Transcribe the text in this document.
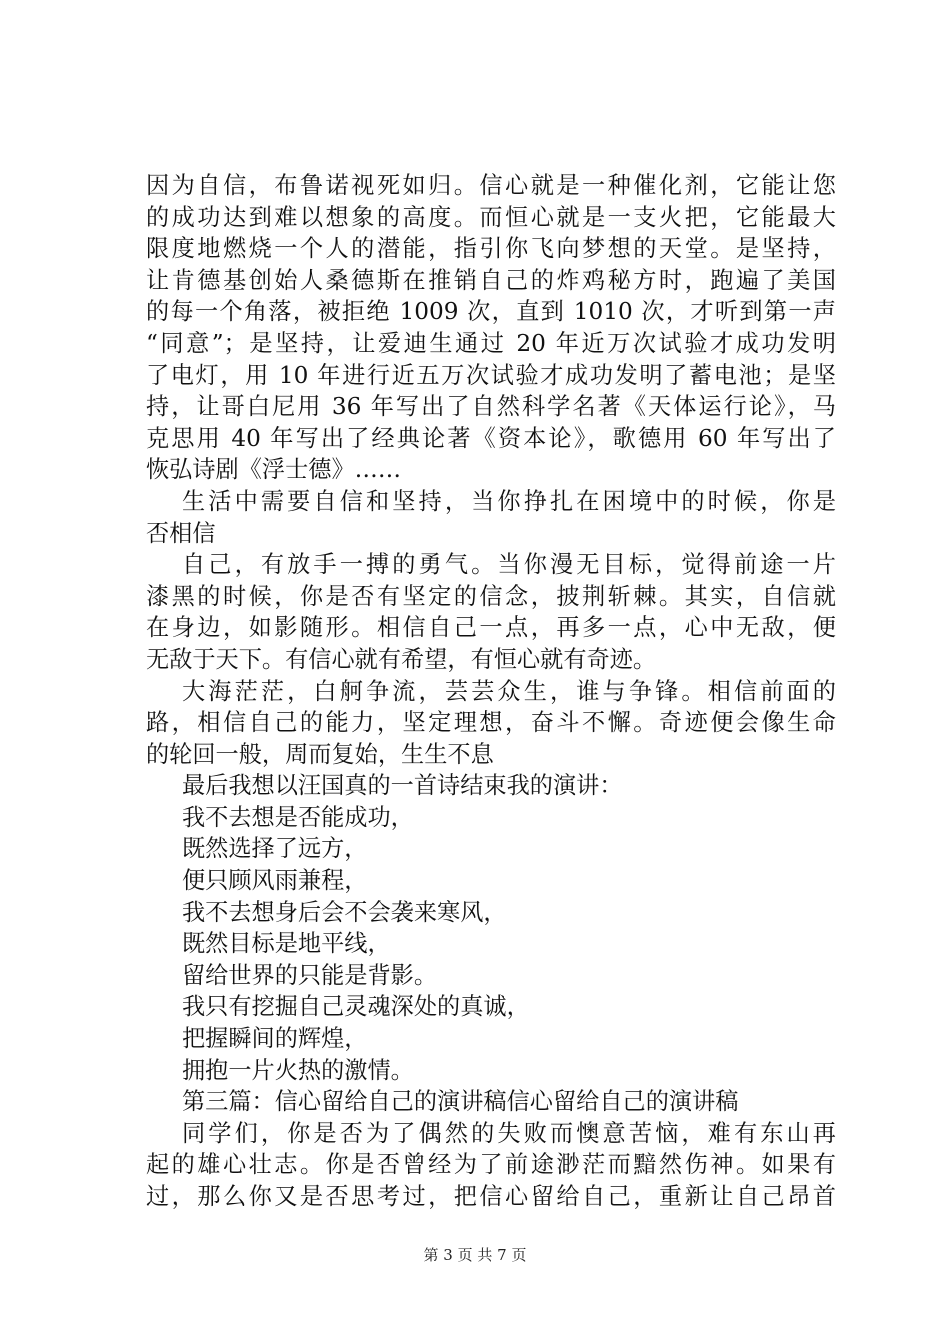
因为自信，布鲁诺视死如归。信心就是一种催化剂，它能让您
的成功达到难以想象的高度。而恒心就是一支火把，它能最大
限度地燃烧一个人的潜能，指引你飞向梦想的天堂。是坚持，
让肯德基创始人桑德斯在推销自己的炸鸡秘方时，跑遍了美国
的每一个角落，被拒绝 1009 次，直到 1010 次，才听到第一声
“同意”；是坚持，让爱迪生通过 20 年近万次试验才成功发明
了电灯，用 10 年进行近五万次试验才成功发明了蓄电池；是坚
持，让哥白尼用 36 年写出了自然科学名著《天体运行论》，马
克思用 40 年写出了经典论著《资本论》，歌德用 60 年写出了
恢弘诗剧《浮士德》……
生活中需要自信和坚持，当你挣扎在困境中的时候，你是
否相信
自己，有放手一搏的勇气。当你漫无目标，觉得前途一片
漆黑的时候，你是否有坚定的信念，披荆斩棘。其实，自信就
在身边，如影随形。相信自己一点，再多一点，心中无敌，便
无敌于天下。有信心就有希望，有恒心就有奇迹。
大海茫茫，白舸争流，芸芸众生，谁与争锋。相信前面的
路，相信自己的能力，坚定理想，奋斗不懈。奇迹便会像生命
的轮回一般，周而复始，生生不息
最后我想以汪国真的一首诗结束我的演讲：
我不去想是否能成功，
既然选择了远方，
便只顾风雨兼程，
我不去想身后会不会袭来寒风，
既然目标是地平线，
留给世界的只能是背影。
我只有挖掘自己灵魂深处的真诚，
把握瞬间的辉煌，
拥抱一片火热的激情。
第三篇：信心留给自己的演讲稿信心留给自己的演讲稿
同学们，你是否为了偶然的失败而懊意苦恼，难有东山再
起的雄心壮志。你是否曾经为了前途渺茫而黯然伤神。如果有
过，那么你又是否思考过，把信心留给自己，重新让自己昂首
第 3 页 共 7 页
